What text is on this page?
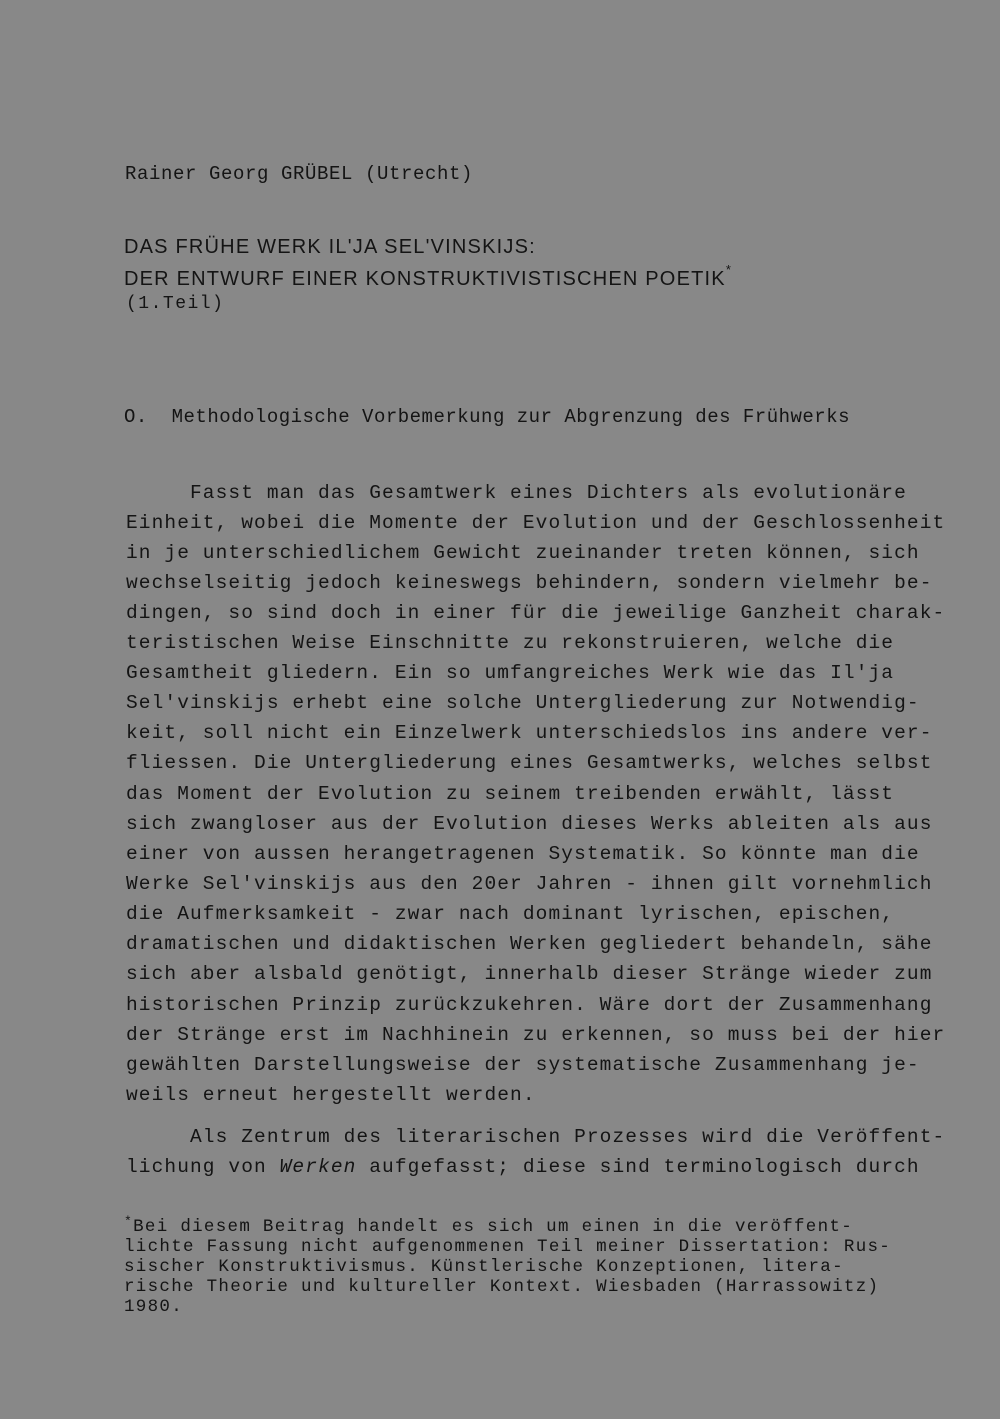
Rainer Georg GRÜBEL (Utrecht)
DAS FRÜHE WERK IL'JA SEL'VINSKIJS:
DER ENTWURF EINER KONSTRUKTIVISTISCHEN POETIK*
(1.Teil)
O.  Methodologische Vorbemerkung zur Abgrenzung des Frühwerks
Fasst man das Gesamtwerk eines Dichters als evolutionäre
Einheit, wobei die Momente der Evolution und der Geschlossenheit
in je unterschiedlichem Gewicht zueinander treten können, sich
wechselseitig jedoch keineswegs behindern, sondern vielmehr be-
dingen, so sind doch in einer für die jeweilige Ganzheit charak-
teristischen Weise Einschnitte zu rekonstruieren, welche die
Gesamtheit gliedern. Ein so umfangreiches Werk wie das Il'ja
Sel'vinskijs erhebt eine solche Untergliederung zur Notwendig-
keit, soll nicht ein Einzelwerk unterschiedslos ins andere ver-
fliessen. Die Untergliederung eines Gesamtwerks, welches selbst
das Moment der Evolution zu seinem treibenden erwählt, lässt
sich zwangloser aus der Evolution dieses Werks ableiten als aus
einer von aussen herangetragenen Systematik. So könnte man die
Werke Sel'vinskijs aus den 20er Jahren - ihnen gilt vornehmlich
die Aufmerksamkeit - zwar nach dominant lyrischen, epischen,
dramatischen und didaktischen Werken gegliedert behandeln, sähe
sich aber alsbald genötigt, innerhalb dieser Stränge wieder zum
historischen Prinzip zurückzukehren. Wäre dort der Zusammenhang
der Stränge erst im Nachhinein zu erkennen, so muss bei der hier
gewählten Darstellungsweise der systematische Zusammenhang je-
weils erneut hergestellt werden.
Als Zentrum des literarischen Prozesses wird die Veröffent-
lichung von Werken aufgefasst; diese sind terminologisch durch
*Bei diesem Beitrag handelt es sich um einen in die veröffent-
lichte Fassung nicht aufgenommenen Teil meiner Dissertation: Rus-
sischer Konstruktivismus. Künstlerische Konzeptionen, litera-
rische Theorie und kultureller Kontext. Wiesbaden (Harrassowitz)
1980.
